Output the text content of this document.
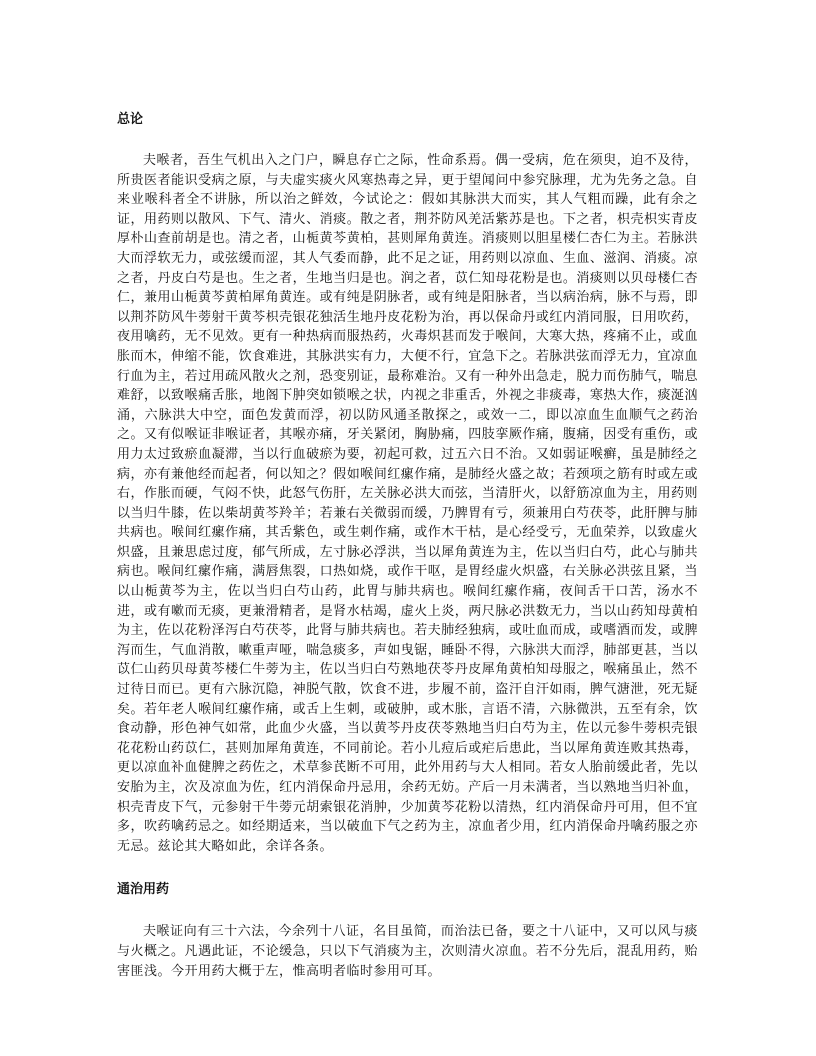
总论

夫喉者，吾生气机出入之门户，瞬息存亡之际，性命系焉。偶一受病，危在须臾，迫不及待，所贵医者能识受病之原，与夫虚实痰火风寒热毒之异，更于望闻问中参究脉理，尤为先务之急。自来业喉科者全不讲脉，所以治之鲜效，今试论之：假如其脉洪大而实，其人气粗而躁，此有余之证，用药则以散风、下气、清火、消痰。散之者，荆芥防风羌活紫苏是也。下之者，枳壳枳实青皮厚朴山查前胡是也。清之者，山栀黄芩黄柏，甚则犀角黄连。消痰则以胆星楼仁杏仁为主。若脉洪大而浮软无力，或弦缓而涩，其人气委而静，此不足之证，用药则以凉血、生血、滋润、消痰。凉之者，丹皮白芍是也。生之者，生地当归是也。润之者，苡仁知母花粉是也。消痰则以贝母楼仁杏仁，兼用山栀黄芩黄柏犀角黄连。或有纯是阴脉者，或有纯是阳脉者，当以病治病，脉不与焉，即以荆芥防风牛蒡射干黄芩枳壳银花独活生地丹皮花粉为治，再以保命丹或红内消同服，日用吹药，夜用噙药，无不见效。更有一种热病而服热药，火毒炽甚而发于喉间，大寒大热，疼痛不止，或血胀而木，伸缩不能，饮食难进，其脉洪实有力，大便不行，宜急下之。若脉洪弦而浮无力，宜凉血行血为主，若过用疏风散火之剂，恐变别证，最称难治。又有一种外出急走，脱力而伤肺气，喘息难舒，以致喉痛舌胀，地阁下肿突如锁喉之状，内视之非重舌，外视之非痰毒，寒热大作，痰涎汹涌，六脉洪大中空，面色发黄而浮，初以防风通圣散探之，或效一二，即以凉血生血顺气之药治之。又有似喉证非喉证者，其喉亦痛，牙关紧闭，胸胁痛，四肢挛厥作痛，腹痛，因受有重伤，或用力太过致瘀血凝滞，当以行血破瘀为要，初起可救，过五六日不治。又如弱证喉癣，虽是肺经之病，亦有兼他经而起者，何以知之？假如喉间红瘰作痛，是肺经火盛之故；若颈项之筋有时或左或右，作胀而硬，气闷不快，此怒气伤肝，左关脉必洪大而弦，当清肝火，以舒筋凉血为主，用药则以当归牛膝，佐以柴胡黄芩羚羊；若兼右关微弱而缓，乃脾胃有亏，须兼用白芍茯苓，此肝脾与肺共病也。喉间红瘰作痛，其舌紫色，或生刺作痛，或作木干枯，是心经受亏，无血荣养，以致虚火炽盛，且兼思虑过度，郁气所成，左寸脉必浮洪，当以犀角黄连为主，佐以当归白芍，此心与肺共病也。喉间红瘰作痛，满唇焦裂，口热如烧，或作干呕，是胃经虚火炽盛，右关脉必洪弦且紧，当以山栀黄芩为主，佐以当归白芍山药，此胃与肺共病也。喉间红瘰作痛，夜间舌干口苦，汤水不进，或有嗽而无痰，更兼滑精者，是肾水枯竭，虚火上炎，两尺脉必洪数无力，当以山药知母黄柏为主，佐以花粉泽泻白芍茯苓，此肾与肺共病也。若夫肺经独病，或吐血而成，或嗜酒而发，或脾泻而生，气血消散，嗽重声哑，喘急痰多，声如曳锯，睡卧不得，六脉洪大而浮，肺部更甚，当以苡仁山药贝母黄芩楼仁牛蒡为主，佐以当归白芍熟地茯苓丹皮犀角黄柏知母服之，喉痛虽止，然不过待日而已。更有六脉沉隐，神脱气散，饮食不进，步履不前，盗汗自汗如雨，脾气溏泄，死无疑矣。若年老人喉间红瘰作痛，或舌上生刺，或破肿，或木胀，言语不清，六脉微洪，五至有余，饮食动静，形色神气如常，此血少火盛，当以黄芩丹皮茯苓熟地当归白芍为主，佐以元参牛蒡枳壳银花花粉山药苡仁，甚则加犀角黄连，不同前论。若小儿痘后或疟后患此，当以犀角黄连败其热毒，更以凉血补血健脾之药佐之，术草参芪断不可用，此外用药与大人相同。若女人胎前缓此者，先以安胎为主，次及凉血为佐，红内消保命丹忌用，余药无妨。产后一月未满者，当以熟地当归补血，枳壳青皮下气，元参射干牛蒡元胡索银花消肿，少加黄芩花粉以清热，红内消保命丹可用，但不宜多，吹药噙药忌之。如经期适来，当以破血下气之药为主，凉血者少用，红内消保命丹噙药服之亦无忌。兹论其大略如此，余详各条。

通治用药

夫喉证向有三十六法，今余列十八证，名目虽简，而治法已备，要之十八证中，又可以风与痰与火概之。凡遇此证，不论缓急，只以下气消痰为主，次则清火凉血。若不分先后，混乱用药，贻害匪浅。今开用药大概于左，惟高明者临时参用可耳。
